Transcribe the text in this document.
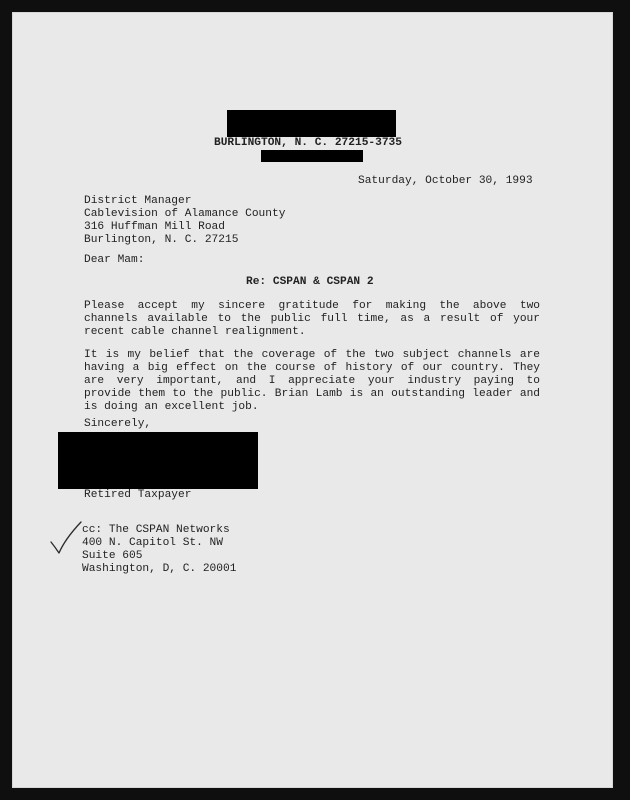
BURLINGTON, N. C. 27215-3735
Saturday, October 30, 1993
District Manager
Cablevision of Alamance County
316 Huffman Mill Road
Burlington, N. C. 27215
Dear Mam:
Re: CSPAN & CSPAN 2
Please accept my sincere gratitude for making the above two channels available to the public full time, as a result of your recent cable channel realignment.
It is my belief that the coverage of the two subject channels are having a big effect on the course of history of our country. They are very important, and I appreciate your industry paying to provide them to the public. Brian Lamb is an outstanding leader and is doing an excellent job.
Sincerely,
Retired Taxpayer
cc: The CSPAN Networks
400 N. Capitol St. NW
Suite 605
Washington, D, C. 20001
